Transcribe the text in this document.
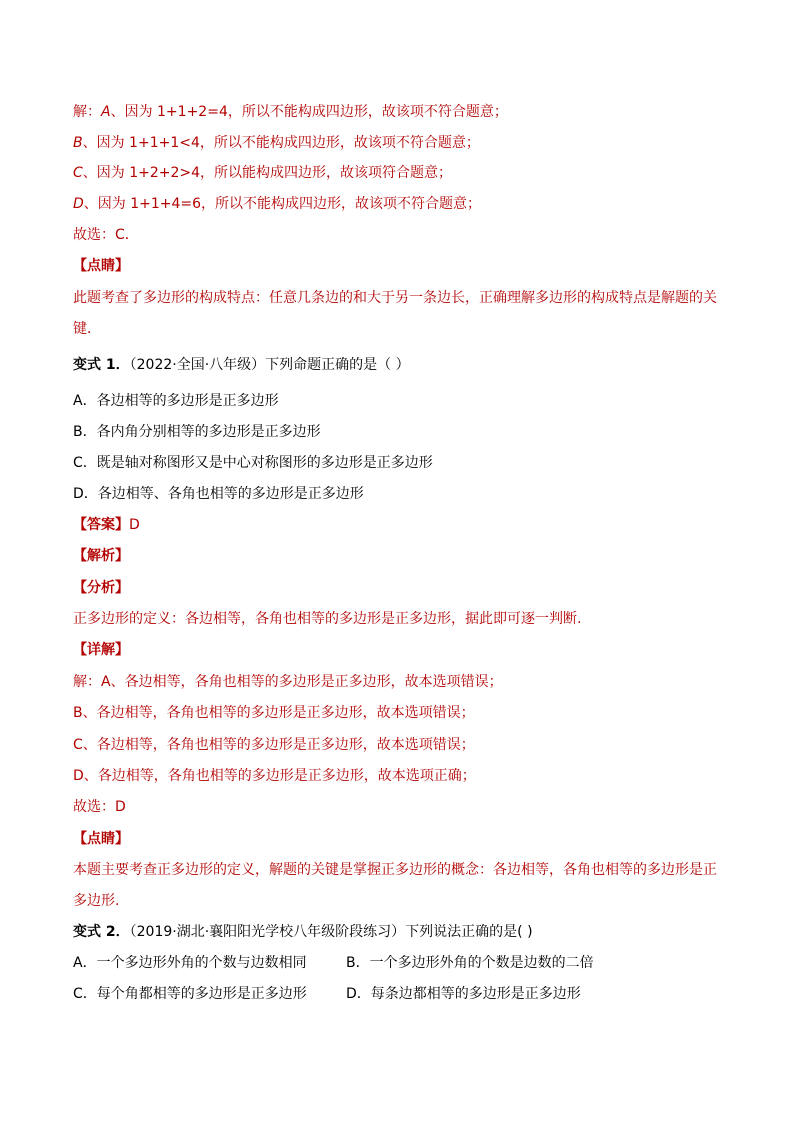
解：A、因为 1+1+2=4，所以不能构成四边形，故该项不符合题意；
B、因为 1+1+1<4，所以不能构成四边形，故该项不符合题意；
C、因为 1+2+2>4，所以能构成四边形，故该项符合题意；
D、因为 1+1+4=6，所以不能构成四边形，故该项不符合题意；
故选：C．
【点睛】
此题考查了多边形的构成特点：任意几条边的和大于另一条边长，正确理解多边形的构成特点是解题的关
键．
变式 1．（2022·全国·八年级）下列命题正确的是（ ）
A．各边相等的多边形是正多边形
B．各内角分别相等的多边形是正多边形
C．既是轴对称图形又是中心对称图形的多边形是正多边形
D．各边相等、各角也相等的多边形是正多边形
【答案】D
【解析】
【分析】
正多边形的定义：各边相等，各角也相等的多边形是正多边形，据此即可逐一判断.
【详解】
解：A、各边相等，各角也相等的多边形是正多边形，故本选项错误；
B、各边相等，各角也相等的多边形是正多边形，故本选项错误；
C、各边相等，各角也相等的多边形是正多边形，故本选项错误；
D、各边相等，各角也相等的多边形是正多边形，故本选项正确；
故选：D
【点睛】
本题主要考查正多边形的定义，解题的关键是掌握正多边形的概念：各边相等，各角也相等的多边形是正
多边形.
变式 2．（2019·湖北·襄阳阳光学校八年级阶段练习）下列说法正确的是( )
A．一个多边形外角的个数与边数相同	B．一个多边形外角的个数是边数的二倍
C．每个角都相等的多边形是正多边形	D．每条边都相等的多边形是正多边形
